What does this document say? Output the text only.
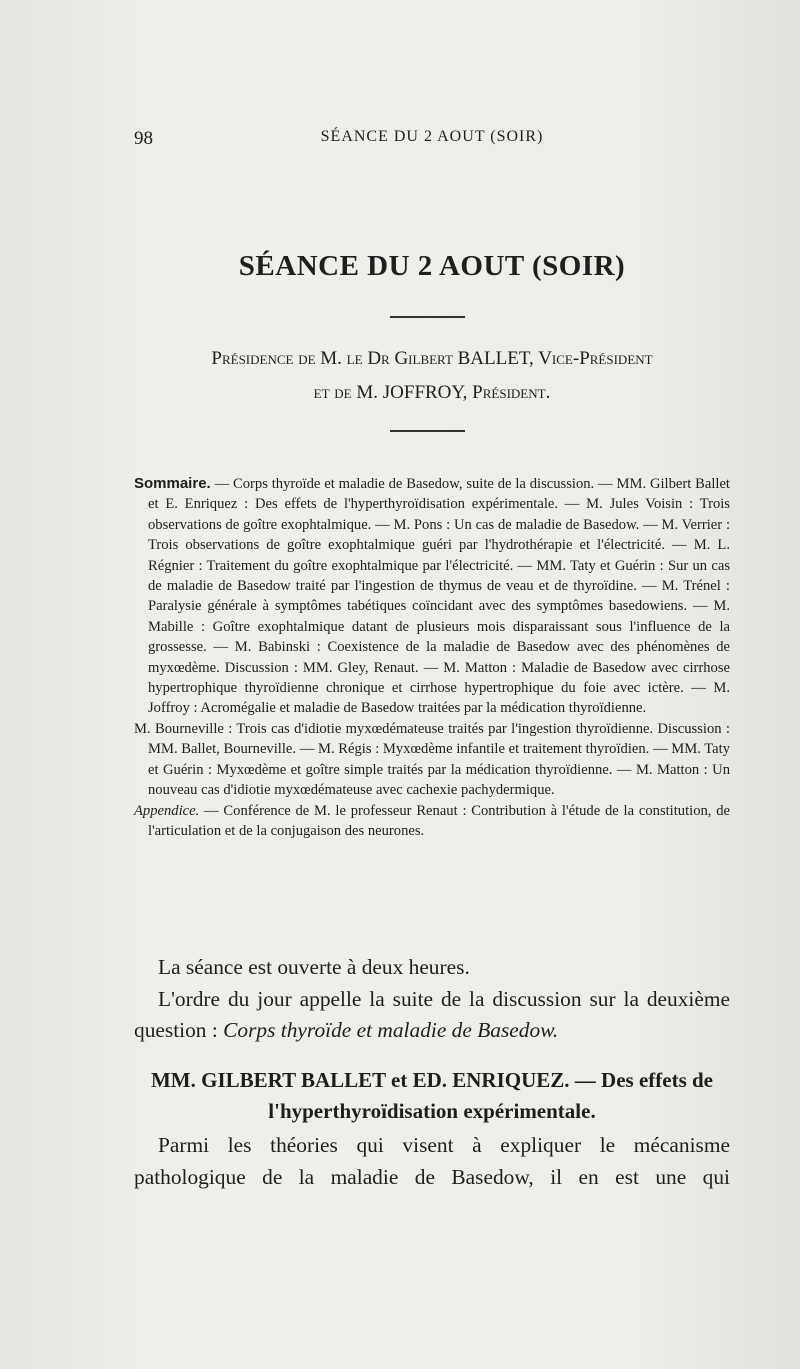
98	SÉANCE DU 2 AOUT (SOIR)
SÉANCE DU 2 AOUT (SOIR)
Présidence de M. le Dr Gilbert BALLET, Vice-Président
et de M. JOFFROY, Président.

Sommaire. — Corps thyroïde et maladie de Basedow, suite de la discussion. — MM. Gilbert Ballet et E. Enriquez : Des effets de l'hyperthyroïdisation expérimentale. — M. Jules Voisin : Trois observations de goître exophtalmique. — M. Pons : Un cas de maladie de Basedow. — M. Verrier : Trois observations de goître exophtalmique guéri par l'hydrothérapie et l'électricité. — M. L. Régnier : Traitement du goître exophtalmique par l'électricité. — MM. Taty et Guérin : Sur un cas de maladie de Basedow traité par l'ingestion de thymus de veau et de thyroïdine. — M. Trénel : Paralysie générale à symptômes tabétiques coïncidant avec des symptômes basedowiens. — M. Mabille : Goître exophtalmique datant de plusieurs mois disparaissant sous l'influence de la grossesse. — M. Babinski : Coexistence de la maladie de Basedow avec des phénomènes de myxœdème. Discussion : MM. Gley, Renaut. — M. Matton : Maladie de Basedow avec cirrhose hypertrophique thyroïdienne chronique et cirrhose hypertrophique du foie avec ictère. — M. Joffroy : Acromégalie et maladie de Basedow traitées par la médication thyroïdienne.

M. Bourneville : Trois cas d'idiotie myxœdémateuse traités par l'ingestion thyroïdienne. Discussion : MM. Ballet, Bourneville. — M. Régis : Myxœdème infantile et traitement thyroïdien. — MM. Taty et Guérin : Myxœdème et goître simple traités par la médication thyroïdienne. — M. Matton : Un nouveau cas d'idiotie myxœdémateuse avec cachexie pachydermique.

Appendice. — Conférence de M. le professeur Renaut : Contribution à l'étude de la constitution, de l'articulation et de la conjugaison des neurones.

La séance est ouverte à deux heures.

L'ordre du jour appelle la suite de la discussion sur la deuxième question : Corps thyroïde et maladie de Basedow.

MM. GILBERT BALLET et ED. ENRIQUEZ. — Des effets de
l'hyperthyroïdisation expérimentale.

Parmi les théories qui visent à expliquer le mécanisme pathologique de la maladie de Basedow, il en est une qui
